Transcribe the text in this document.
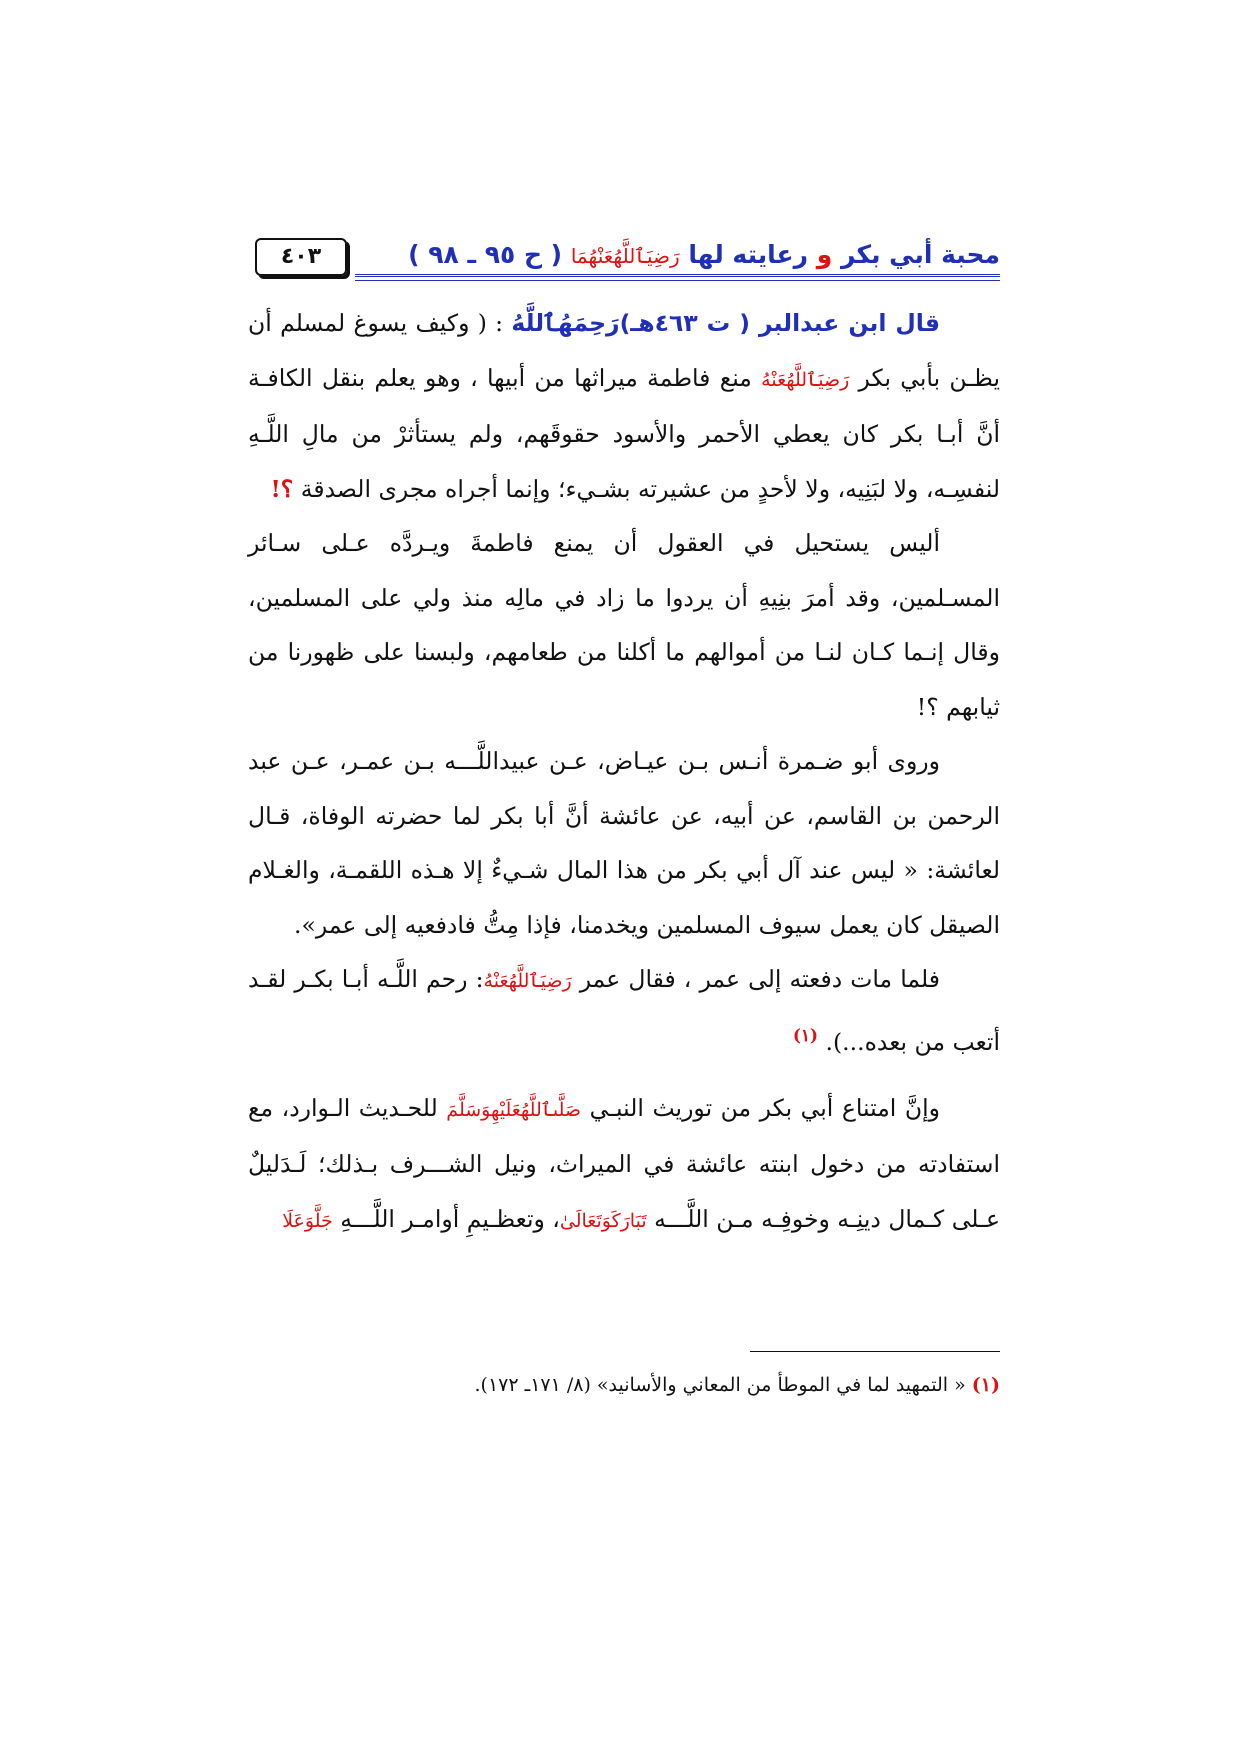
محبة أبي بكر و رعايته لها رَضِيَٱللَّهُعَنْهُمَا ( ح ٩٥ ـ ٩٨ )
٤٠٣

قال ابن عبدالبر ( ت ٤٦٣هـ)رَحِمَهُٱللَّهُ : ( وكيف يسوغ لمسلم أن يظـن بأبي بكر رَضِيَٱللَّهُعَنْهُ منع فاطمة ميراثها من أبيها ، وهو يعلم بنقل الكافـة أنَّ أبـا بكر كان يعطي الأحمر والأسود حقوقَهم، ولم يستأثرْ من مالِ اللَّـهِ لنفسِـه، ولا لبَنِيه، ولا لأحدٍ من عشيرته بشـيء؛ وإنما أجراه مجرى الصدقة ؟!

أليس يستحيل في العقول أن يمنع فاطمةَ ويـردَّه عـلى سـائر المسـلمين، وقد أمرَ بنِيهِ أن يردوا ما زاد في مالِه منذ ولي على المسلمين، وقال إنـما كـان لنـا من أموالهم ما أكلنا من طعامهم، ولبسنا على ظهورنا من ثيابهم ؟!

وروى أبو ضـمرة أنـس بـن عيـاض، عـن عبيداللَّـــه بـن عمـر، عـن عبد الرحمن بن القاسم، عن أبيه، عن عائشة أنَّ أبا بكر لما حضرته الوفاة، قـال لعائشة: « ليس عند آل أبي بكر من هذا المال شـيءٌ إلا هـذه اللقمـة، والغـلام الصيقل كان يعمل سيوف المسلمين ويخدمنا، فإذا مِتُّ فادفعيه إلى عمر».

فلما مات دفعته إلى عمر ، فقال عمر رَضِيَٱللَّهُعَنْهُ: رحم اللَّـه أبـا بكـر لقـد أتعب من بعده...). $^{(١)}$

وإنَّ امتناع أبي بكر من توريث النبـي صَلَّىٱللَّهُعَلَيْهِوَسَلَّمَ للحـديث الـوارد، مع استفادته من دخول ابنته عائشة في الميراث، ونيل الشـــرف بـذلك؛ لَـدَليلٌ عـلى كـمال دينِـه وخوفِـه مـن اللَّـــه تَبَارَكَوَتَعَالَىٰ، وتعظـيمِ أوامـر اللَّـــهِ جَلَّوَعَلَا

(١) « التمهيد لما في الموطأ من المعاني والأسانيد» (٨/ ١٧١ـ ١٧٢).
